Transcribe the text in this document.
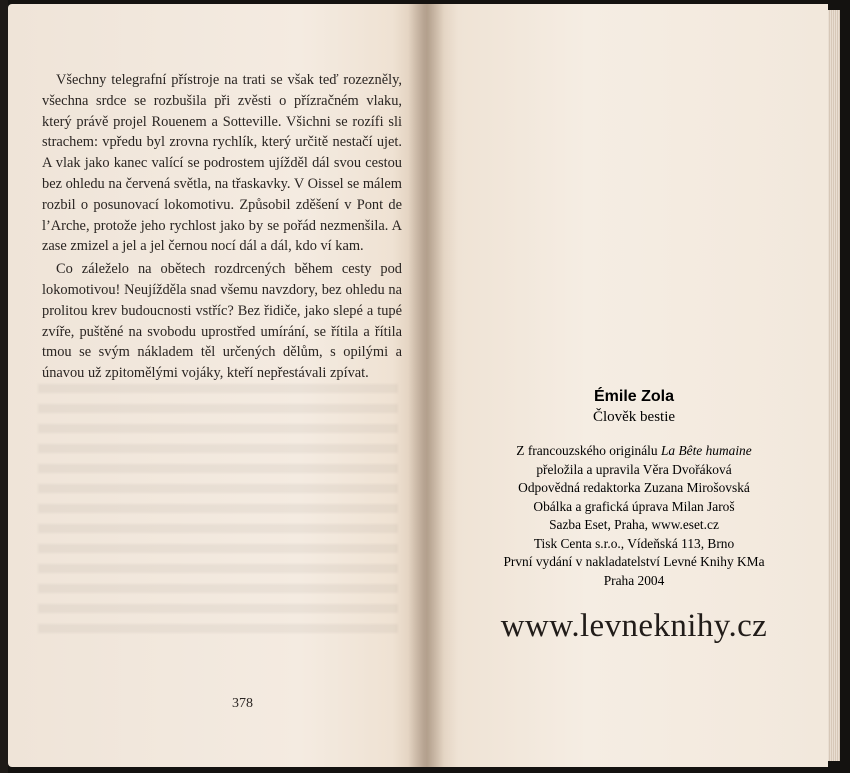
Všechny telegrafní přístroje na trati se však teď rozezněly, všechna srdce se rozbušila při zvěsti o přízračném vlaku, který právě projel Rouenem a Sotteville. Všichni se rozífi sli strachem: vpředu byl zrovna rychlík, který určitě nestačí ujet. A vlak jako kanec valící se podrostem ujížděl dál svou cestou bez ohledu na červená světla, na třaskavky. V Oissel se málem rozbil o posunovací lokomotivu. Způsobil zděšení v Pont de l’Arche, protože jeho rychlost jako by se pořád nezmenšila. A zase zmizel a jel a jel černou nocí dál a dál, kdo ví kam.

Co záleželo na obětech rozdrcených během cesty pod lokomotivou! Neujížděla snad všemu navzdory, bez ohledu na prolitou krev budoucnosti vstříc? Bez řidiče, jako slepé a tupé zvíře, puštěné na svobodu uprostřed umírání, se řítila a řítila tmou se svým nákladem těl určených dělům, s opilými a únavou už zpitomělými vojáky, kteří nepřestávali zpívat.

378
Émile Zola
Člověk bestie
Z francouzského originálu La Bête humaine
přeložila a upravila Věra Dvořáková
Odpovědná redaktorka Zuzana Mirošovská
Obálka a grafická úprava Milan Jaroš
Sazba Eset, Praha, www.eset.cz
Tisk Centa s.r.o., Vídeňská 113, Brno
První vydání v nakladatelství Levné Knihy KMa
Praha 2004
www.levneknihy.cz
